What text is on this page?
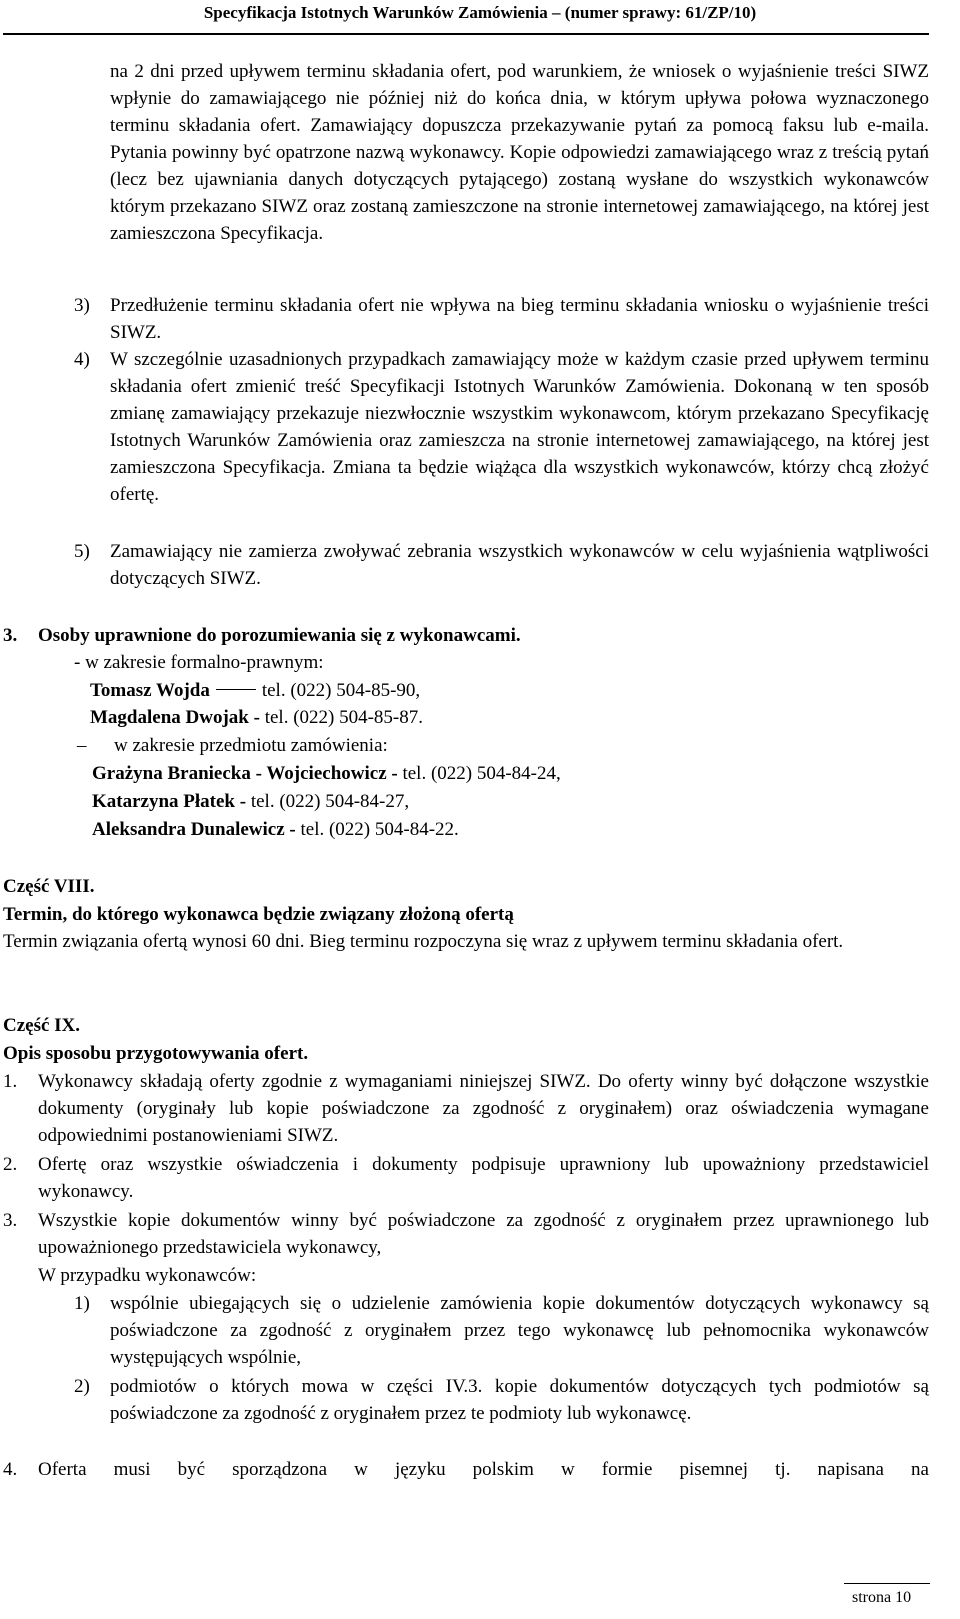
Specyfikacja Istotnych Warunków Zamówienia – (numer sprawy: 61/ZP/10)
na 2 dni przed upływem terminu składania ofert, pod warunkiem, że wniosek o wyjaśnienie treści SIWZ wpłynie do zamawiającego nie później niż do końca dnia, w którym upływa połowa wyznaczonego terminu składania ofert. Zamawiający dopuszcza przekazywanie pytań za pomocą faksu lub e-maila. Pytania powinny być opatrzone nazwą wykonawcy. Kopie odpowiedzi zamawiającego wraz z treścią pytań (lecz bez ujawniania danych dotyczących pytającego) zostaną wysłane do wszystkich wykonawców którym przekazano SIWZ oraz zostaną zamieszczone na stronie internetowej zamawiającego, na której jest zamieszczona Specyfikacja.
3) Przedłużenie terminu składania ofert nie wpływa na bieg terminu składania wniosku o wyjaśnienie treści SIWZ.
4) W szczególnie uzasadnionych przypadkach zamawiający może w każdym czasie przed upływem terminu składania ofert zmienić treść Specyfikacji Istotnych Warunków Zamówienia. Dokonaną w ten sposób zmianę zamawiający przekazuje niezwłocznie wszystkim wykonawcom, którym przekazano Specyfikację Istotnych Warunków Zamówienia oraz zamieszcza na stronie internetowej zamawiającego, na której jest zamieszczona Specyfikacja. Zmiana ta będzie wiążąca dla wszystkich wykonawców, którzy chcą złożyć ofertę.
5) Zamawiający nie zamierza zwoływać zebrania wszystkich wykonawców w celu wyjaśnienia wątpliwości dotyczących SIWZ.
3. Osoby uprawnione do porozumiewania się z wykonawcami.
- w zakresie formalno-prawnym:
Tomasz Wojda	tel. (022) 504-85-90,
Magdalena Dwojak - tel. (022) 504-85-87.
– w zakresie przedmiotu zamówienia:
Grażyna Braniecka - Wojciechowicz - tel. (022) 504-84-24,
Katarzyna Płatek - tel. (022) 504-84-27,
Aleksandra Dunalewicz - tel. (022) 504-84-22.
Część VIII.
Termin, do którego wykonawca będzie związany złożoną ofertą
Termin związania ofertą wynosi 60 dni. Bieg terminu rozpoczyna się wraz z upływem terminu składania ofert.
Część IX.
Opis sposobu przygotowywania ofert.
1. Wykonawcy składają oferty zgodnie z wymaganiami niniejszej SIWZ. Do oferty winny być dołączone wszystkie dokumenty (oryginały lub kopie poświadczone za zgodność z oryginałem) oraz oświadczenia wymagane odpowiednimi postanowieniami SIWZ.
2. Ofertę oraz wszystkie oświadczenia i dokumenty podpisuje uprawniony lub upoważniony przedstawiciel wykonawcy.
3. Wszystkie kopie dokumentów winny być poświadczone za zgodność z oryginałem przez uprawnionego lub upoważnionego przedstawiciela wykonawcy,
W przypadku wykonawców:
1) wspólnie ubiegających się o udzielenie zamówienia kopie dokumentów dotyczących wykonawcy są poświadczone za zgodność z oryginałem przez tego wykonawcę lub pełnomocnika wykonawców występujących wspólnie,
2) podmiotów o których mowa w części IV.3. kopie dokumentów dotyczących tych podmiotów są poświadczone za zgodność z oryginałem przez te podmioty lub wykonawcę.
4. Oferta musi być sporządzona w języku polskim w formie pisemnej tj. napisana na
strona 10
